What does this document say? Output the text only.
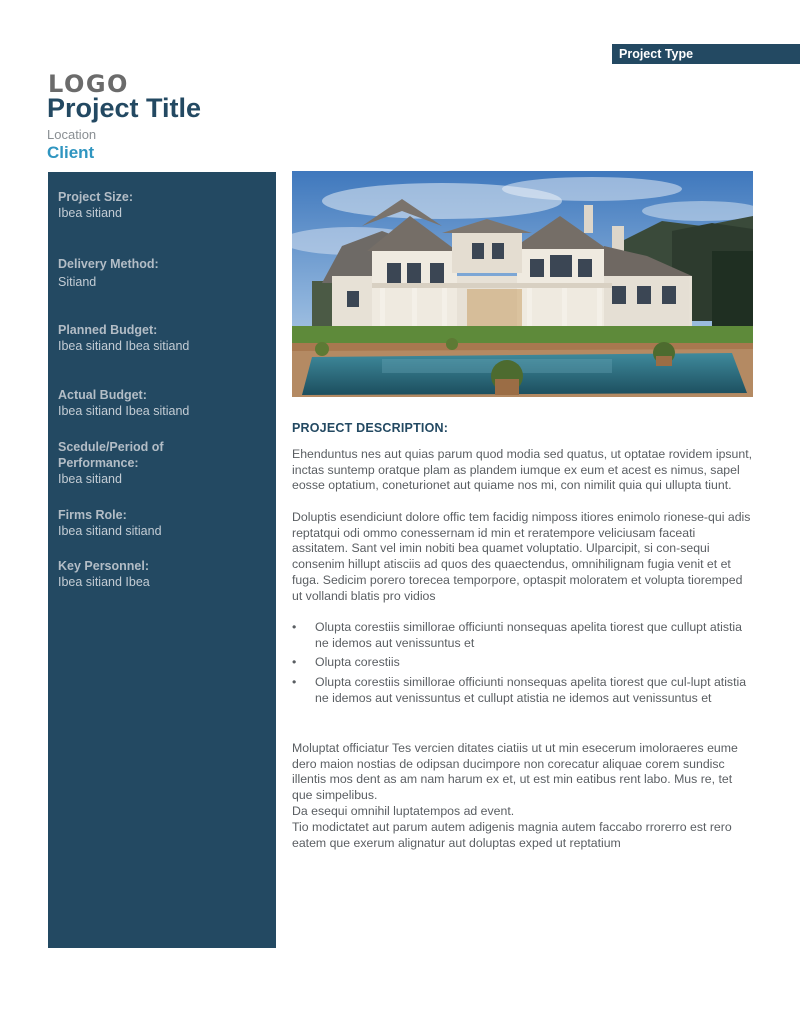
Project Type
LOGO
Project Title
Location
Client
Project Size:
Ibea sitiand
Delivery Method:
Sitiand
Planned Budget:
Ibea sitiand Ibea sitiand
Actual Budget:
Ibea sitiand Ibea sitiand
Scedule/Period of
Performance:
Ibea sitiand
Firms Role:
Ibea sitiand sitiand
Key Personnel:
Ibea sitiand Ibea
PROJECT DESCRIPTION:

Ehenduntus nes aut quias parum quod modia sed quatus, ut optatae rovidem ipsunt, inctas suntemp oratque plam as plandem iumque ex eum et acest es nimus, sapel eosse optatium, coneturionet aut quiame nos mi, con nimilit quia qui ullupta tiunt.

Doluptis esendiciunt dolore offic tem facidig nimposs itiores enimolo rionese-qui adis reptatqui odi ommo conessernam id min et reratempore veliciusam faceati assitatem. Sant vel imin nobiti bea quamet voluptatio. Ulparcipit, si con-sequi consenim hillupt atisciis ad quos des quaectendus, omnihilignam fugia venit et et fuga. Sedicim porero torecea temporpore, optaspit moloratem et volupta tioremped ut vollandi blatis pro vidios

• Olupta corestiis simillorae officiunti nonsequas apelita tiorest que cullupt atistia ne idemos aut venissuntus et
• Olupta corestiis
• Olupta corestiis simillorae officiunti nonsequas apelita tiorest que cul-lupt atistia ne idemos aut venissuntus et cullupt atistia ne idemos aut venissuntus et

Moluptat officiatur Tes vercien ditates ciatiis ut ut min esecerum imoloraeres eume dero maion nostias de odipsan ducimpore non corecatur aliquae corem sundisc illentis mos dent as am nam harum ex et, ut est min eatibus rent labo. Mus re, tet que simpelibus.

Da esequi omnihil luptatempos ad event.

Tio modictatet aut parum autem adigenis magnia autem faccabo rrorerro est rero eatem que exerum alignatur aut doluptas exped ut reptatium
